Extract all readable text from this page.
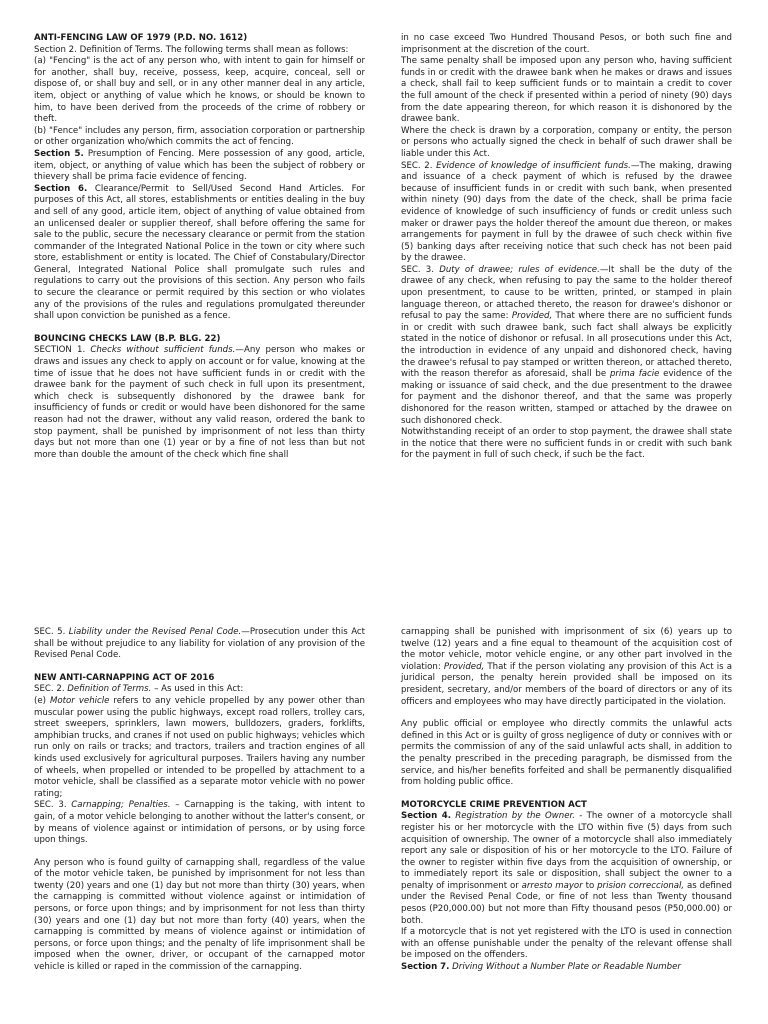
ANTI-FENCING LAW OF 1979 (P.D. NO. 1612)

Section 2. Definition of Terms. The following terms shall mean as follows:

(a) "Fencing" is the act of any person who, with intent to gain for himself or for another, shall buy, receive, possess, keep, acquire, conceal, sell or dispose of, or shall buy and sell, or in any other manner deal in any article, item, object or anything of value which he knows, or should be known to him, to have been derived from the proceeds of the crime of robbery or theft.

(b) "Fence" includes any person, firm, association corporation or partnership or other organization who/which commits the act of fencing.

Section 5. Presumption of Fencing. Mere possession of any good, article, item, object, or anything of value which has been the subject of robbery or thievery shall be prima facie evidence of fencing.

Section 6. Clearance/Permit to Sell/Used Second Hand Articles. For purposes of this Act, all stores, establishments or entities dealing in the buy and sell of any good, article item, object of anything of value obtained from an unlicensed dealer or supplier thereof, shall before offering the same for sale to the public, secure the necessary clearance or permit from the station commander of the Integrated National Police in the town or city where such store, establishment or entity is located. The Chief of Constabulary/Director General, Integrated National Police shall promulgate such rules and regulations to carry out the provisions of this section. Any person who fails to secure the clearance or permit required by this section or who violates any of the provisions of the rules and regulations promulgated thereunder shall upon conviction be punished as a fence.

BOUNCING CHECKS LAW (B.P. BLG. 22)

SECTION 1. Checks without sufficient funds.—Any person who makes or draws and issues any check to apply on account or for value, knowing at the time of issue that he does not have sufficient funds in or credit with the drawee bank for the payment of such check in full upon its presentment, which check is subsequently dishonored by the drawee bank for insufficiency of funds or credit or would have been dishonored for the same reason had not the drawer, without any valid reason, ordered the bank to stop payment, shall be punished by imprisonment of not less than thirty days but not more than one (1) year or by a fine of not less than but not more than double the amount of the check which fine shall

in no case exceed Two Hundred Thousand Pesos, or both such fine and imprisonment at the discretion of the court.

The same penalty shall be imposed upon any person who, having sufficient funds in or credit with the drawee bank when he makes or draws and issues a check, shall fail to keep sufficient funds or to maintain a credit to cover the full amount of the check if presented within a period of ninety (90) days from the date appearing thereon, for which reason it is dishonored by the drawee bank.

Where the check is drawn by a corporation, company or entity, the person or persons who actually signed the check in behalf of such drawer shall be liable under this Act.

SEC. 2. Evidence of knowledge of insufficient funds.—The making, drawing and issuance of a check payment of which is refused by the drawee because of insufficient funds in or credit with such bank, when presented within ninety (90) days from the date of the check, shall be prima facie evidence of knowledge of such insufficiency of funds or credit unless such maker or drawer pays the holder thereof the amount due thereon, or makes arrangements for payment in full by the drawee of such check within five (5) banking days after receiving notice that such check has not been paid by the drawee.

SEC. 3. Duty of drawee; rules of evidence.—It shall be the duty of the drawee of any check, when refusing to pay the same to the holder thereof upon presentment, to cause to be written, printed, or stamped in plain language thereon, or attached thereto, the reason for drawee's dishonor or refusal to pay the same: Provided, That where there are no sufficient funds in or credit with such drawee bank, such fact shall always be explicitly stated in the notice of dishonor or refusal. In all prosecutions under this Act, the introduction in evidence of any unpaid and dishonored check, having the drawee's refusal to pay stamped or written thereon, or attached thereto, with the reason therefor as aforesaid, shall be prima facie evidence of the making or issuance of said check, and the due presentment to the drawee for payment and the dishonor thereof, and that the same was properly dishonored for the reason written, stamped or attached by the drawee on such dishonored check.

Notwithstanding receipt of an order to stop payment, the drawee shall state in the notice that there were no sufficient funds in or credit with such bank for the payment in full of such check, if such be the fact.

SEC. 5. Liability under the Revised Penal Code.—Prosecution under this Act shall be without prejudice to any liability for violation of any provision of the Revised Penal Code.

NEW ANTI-CARNAPPING ACT OF 2016

SEC. 2. Definition of Terms. – As used in this Act:

(e) Motor vehicle refers to any vehicle propelled by any power other than muscular power using the public highways, except road rollers, trolley cars, street sweepers, sprinklers, lawn mowers, bulldozers, graders, forklifts, amphibian trucks, and cranes if not used on public highways; vehicles which run only on rails or tracks; and tractors, trailers and traction engines of all kinds used exclusively for agricultural purposes. Trailers having any number of wheels, when propelled or intended to be propelled by attachment to a motor vehicle, shall be classified as a separate motor vehicle with no power rating;

SEC. 3. Carnapping; Penalties. – Carnapping is the taking, with intent to gain, of a motor vehicle belonging to another without the latter's consent, or by means of violence against or intimidation of persons, or by using force upon things.

Any person who is found guilty of carnapping shall, regardless of the value of the motor vehicle taken, be punished by imprisonment for not less than twenty (20) years and one (1) day but not more than thirty (30) years, when the carnapping is committed without violence against or intimidation of persons, or force upon things; and by imprisonment for not less than thirty (30) years and one (1) day but not more than forty (40) years, when the carnapping is committed by means of violence against or intimidation of persons, or force upon things; and the penalty of life imprisonment shall be imposed when the owner, driver, or occupant of the carnapped motor vehicle is killed or raped in the commission of the carnapping.

carnapping shall be punished with imprisonment of six (6) years up to twelve (12) years and a fine equal to theamount of the acquisition cost of the motor vehicle, motor vehicle engine, or any other part involved in the violation: Provided, That if the person violating any provision of this Act is a juridical person, the penalty herein provided shall be imposed on its president, secretary, and/or members of the board of directors or any of its officers and employees who may have directly participated in the violation.

Any public official or employee who directly commits the unlawful acts defined in this Act or is guilty of gross negligence of duty or connives with or permits the commission of any of the said unlawful acts shall, in addition to the penalty prescribed in the preceding paragraph, be dismissed from the service, and his/her benefits forfeited and shall be permanently disqualified from holding public office.

MOTORCYCLE CRIME PREVENTION ACT

Section 4. Registration by the Owner. - The owner of a motorcycle shall register his or her motorcycle with the LTO within five (5) days from such acquisition of ownership. The owner of a motorcycle shall also immediately report any sale or disposition of his or her motorcycle to the LTO. Failure of the owner to register within five days from the acquisition of ownership, or to immediately report its sale or disposition, shall subject the owner to a penalty of imprisonment or arresto mayor to prision correccional, as defined under the Revised Penal Code, or fine of not less than Twenty thousand pesos (P20,000.00) but not more than Fifty thousand pesos (P50,000.00) or both.

If a motorcycle that is not yet registered with the LTO is used in connection with an offense punishable under the penalty of the relevant offense shall be imposed on the offenders.

Section 7. Driving Without a Number Plate or Readable Number
